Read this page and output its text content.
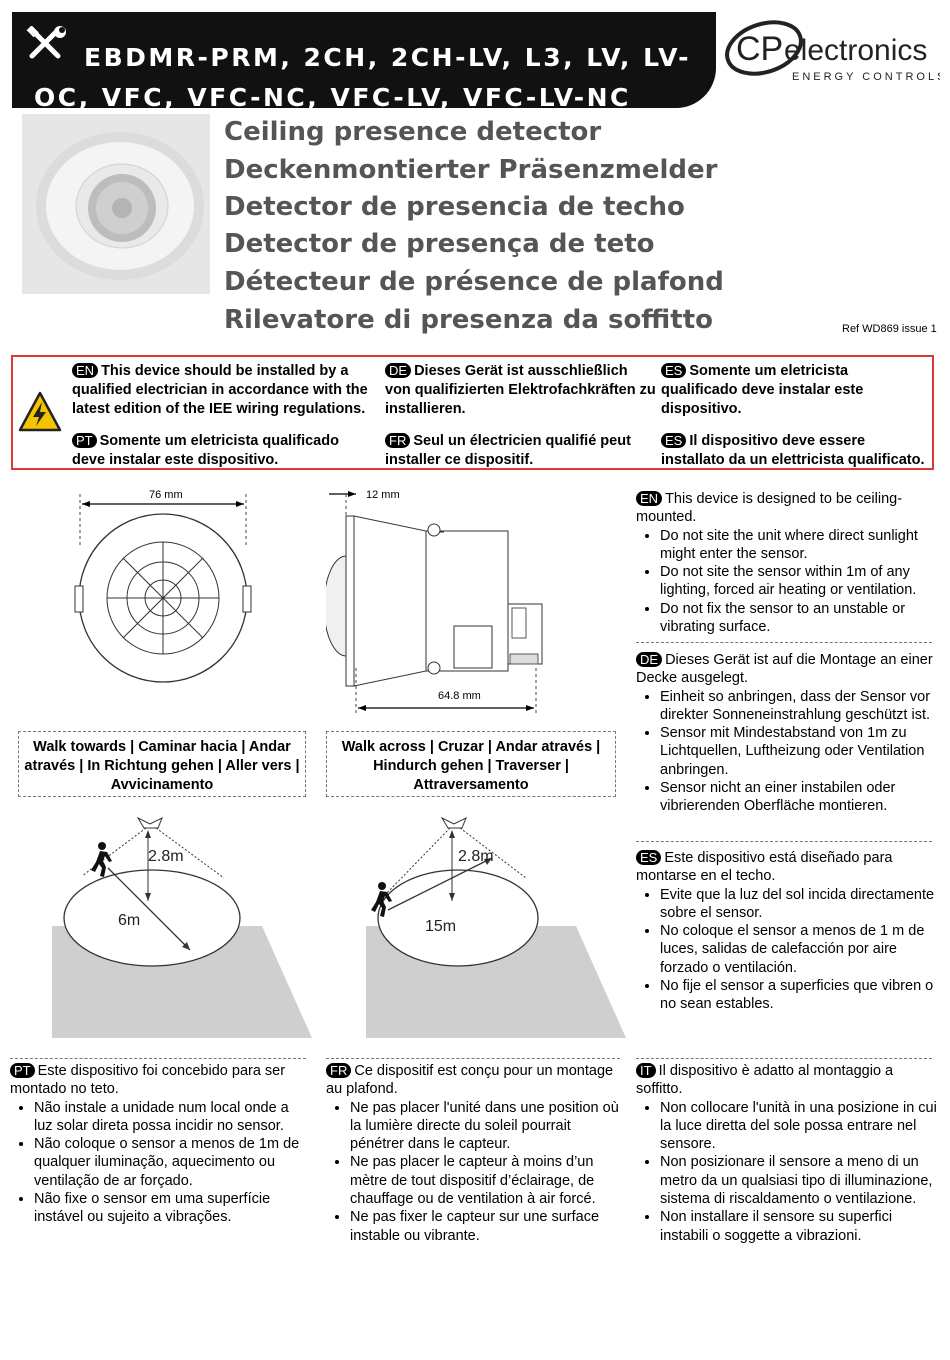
EBDMR-PRM, 2CH, 2CH-LV, L3, LV, LV-
OC, VFC, VFC-NC, VFC-LV, VFC-LV-NC
CP electronics
ENERGY CONTROLS
Ceiling presence detector
Deckenmontierter Präsenzmelder
Detector de presencia de techo
Detector de presença de teto
Détecteur de présence de plafond
Rilevatore di presenza da soffitto	Ref WD869 issue 1
EN This device should be installed by a qualified electrician in accordance with the latest edition of the IEE wiring regulations.
DE Dieses Gerät ist ausschließlich von qualifizierten Elektrofachkräften zu installieren.
ES Somente um eletricista qualificado deve instalar este dispositivo.
PT Somente um eletricista qualificado deve instalar este dispositivo.
FR Seul un électricien qualifié peut installer ce dispositif.
ES Il dispositivo deve essere installato da un elettricista qualificato.
76 mm	12 mm
64.8 mm
Walk towards | Caminar hacia | Andar através | In Richtung gehen | Aller vers | Avvicinamento
Walk across | Cruzar | Andar através | Hindurch gehen | Traverser | Attraversamento
2.8m
6m
2.8m
15m
EN This device is designed to be ceiling-mounted.
• Do not site the unit where direct sunlight might enter the sensor.
• Do not site the sensor within 1m of any lighting, forced air heating or ventilation.
• Do not fix the sensor to an unstable or vibrating surface.
DE Dieses Gerät ist auf die Montage an einer Decke ausgelegt.
• Einheit so anbringen, dass der Sensor vor direkter Sonneneinstrahlung geschützt ist.
• Sensor mit Mindestabstand von 1m zu Lichtquellen, Luftheizung oder Ventilation anbringen.
• Sensor nicht an einer instabilen oder vibrierenden Oberfläche montieren.
ES Este dispositivo está diseñado para montarse en el techo.
• Evite que la luz del sol incida directamente sobre el sensor.
• No coloque el sensor a menos de 1 m de luces, salidas de calefacción por aire forzado o ventilación.
• No fije el sensor a superficies que vibren o no sean estables.
PT Este dispositivo foi concebido para ser montado no teto.
• Não instale a unidade num local onde a luz solar direta possa incidir no sensor.
• Não coloque o sensor a menos de 1m de qualquer iluminação, aquecimento ou ventilação de ar forçado.
• Não fixe o sensor em uma superfície instável ou sujeito a vibrações.
FR Ce dispositif est conçu pour un montage au plafond.
• Ne pas placer l'unité dans une position où la lumière directe du soleil pourrait pénétrer dans le capteur.
• Ne pas placer le capteur à moins d’un mètre de tout dispositif d’éclairage, de chauffage ou de ventilation à air forcé.
• Ne pas fixer le capteur sur une surface instable ou vibrante.
IT Il dispositivo è adatto al montaggio a soffitto.
• Non collocare l'unità in una posizione in cui la luce diretta del sole possa entrare nel sensore.
• Non posizionare il sensore a meno di un metro da un qualsiasi tipo di illuminazione, sistema di riscaldamento o ventilazione.
• Non installare il sensore su superfici instabili o soggette a vibrazioni.
